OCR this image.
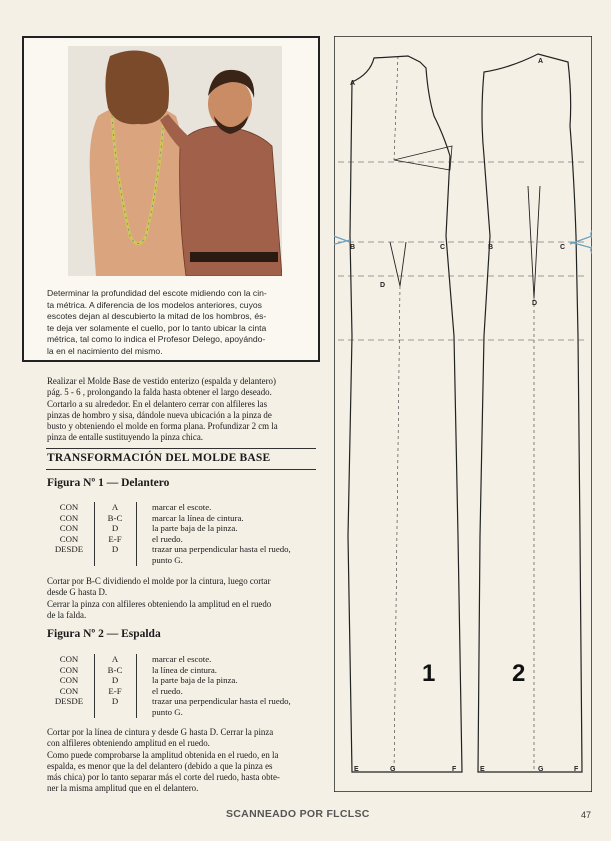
Determinar la profundidad del escote midiendo con la cin-
ta métrica. A diferencia de los modelos anteriores, cuyos
escotes dejan al descubierto la mitad de los hombros, és-
te deja ver solamente el cuello, por lo tanto ubicar la cinta
métrica, tal como lo indica el Profesor Delego, apoyándo-
la en el nacimiento del mismo.
Realizar el Molde Base de vestido enterizo (espalda y delantero)
pág. 5 - 6 , prolongando la falda hasta obtener el largo deseado.
Cortarlo a su alrededor. En el delantero cerrar con alfileres las
pinzas de hombro y sisa, dándole nueva ubicación a la pinza de
busto y obteniendo el molde en forma plana. Profundizar 2 cm la
pinza de entalle sustituyendo la pinza chica.
TRANSFORMACIÓN DEL MOLDE BASE
Figura Nº 1 — Delantero
CON	A	marcar el escote.
CON	B-C	marcar la línea de cintura.
CON	D	la parte baja de la pinza.
CON	E-F	el ruedo.
DESDE	D	trazar una perpendicular hasta el ruedo,
punto G.
Cortar por B-C dividiendo el molde por la cintura, luego cortar
desde G hasta D.
Cerrar la pinza con alfileres obteniendo la amplitud en el ruedo
de la falda.
Figura Nº 2 — Espalda
CON	A	marcar el escote.
CON	B-C	la línea de cintura.
CON	D	la parte baja de la pinza.
CON	E-F	el ruedo.
DESDE	D	trazar una perpendicular hasta el ruedo,
punto G.
Cortar por la línea de cintura y desde G hasta D. Cerrar la pinza
con alfileres obteniendo amplitud en el ruedo.
Como puede comprobarse la amplitud obtenida en el ruedo, en la
espalda, es menor que la del delantero (debido a que la pinza es
más chica) por lo tanto separar más el corte del ruedo, hasta obte-
ner la misma amplitud que en el delantero.
A
B	C
D
E	G	F
A
B	C
D
E	G	F
1	2
SCANNEADO POR FLCLSC	47
